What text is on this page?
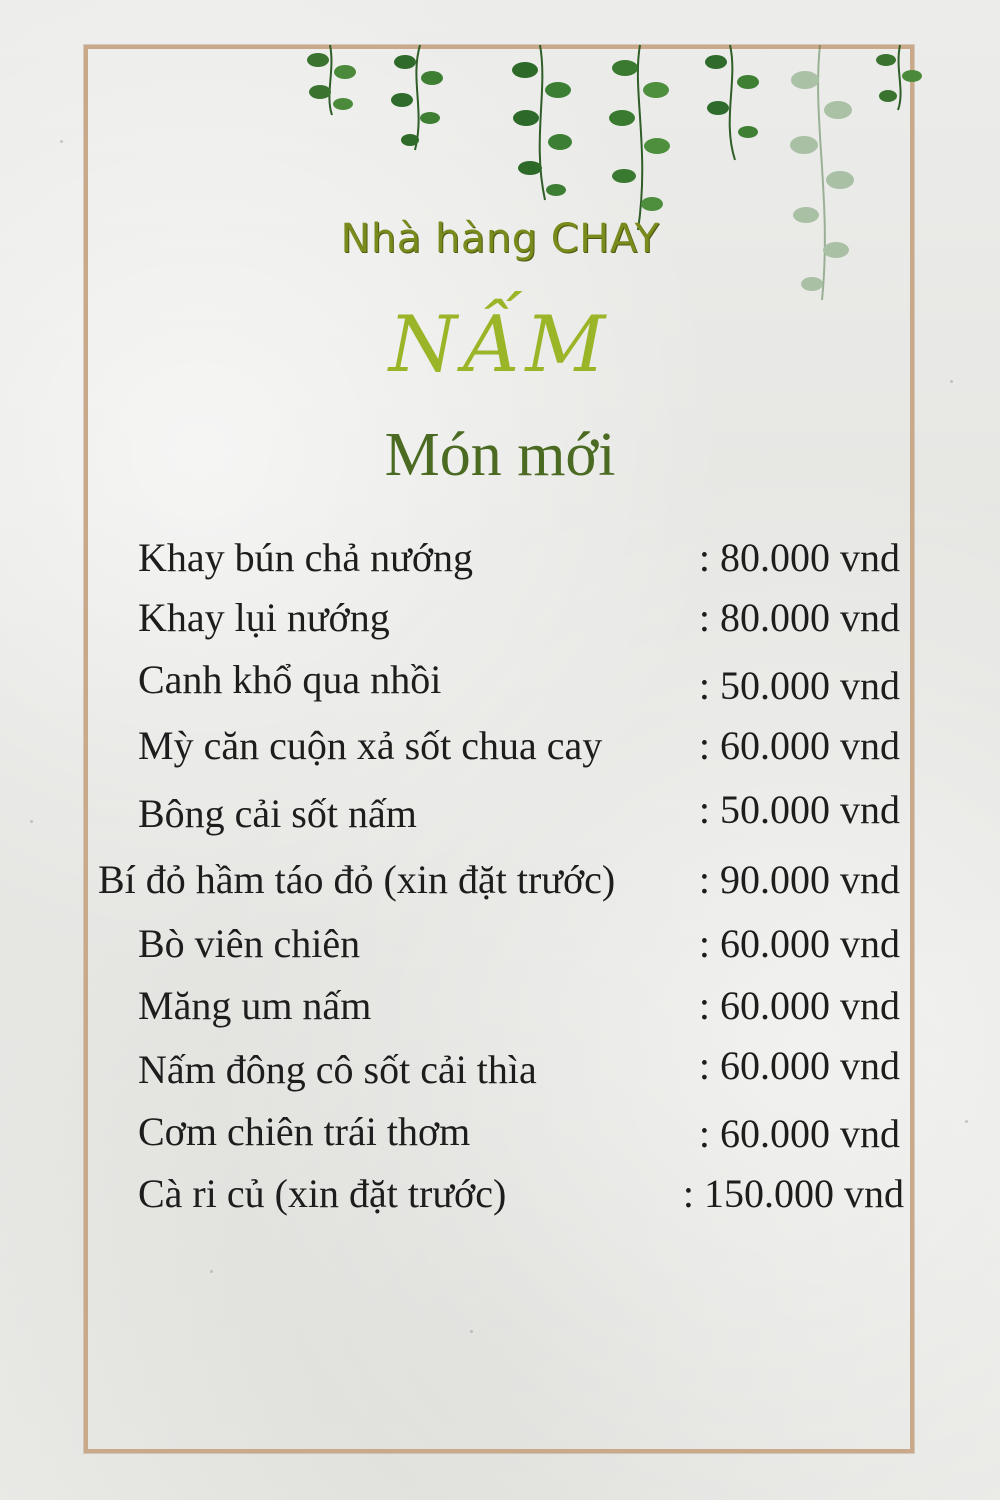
Nhà hàng CHAY
NẤM
Món mới
Khay bún chả nướng	: 80.000 vnd
Khay lụi nướng	: 80.000 vnd
Canh khổ qua nhồi	: 50.000 vnd
Mỳ căn cuộn xả sốt chua cay : 60.000 vnd
Bông cải sốt nấm	: 50.000 vnd
Bí đỏ hầm táo đỏ (xin đặt trước) : 90.000 vnd
Bò viên chiên	: 60.000 vnd
Măng um nấm	: 60.000 vnd
Nấm đông cô sốt cải thìa	: 60.000 vnd
Cơm chiên trái thơm	: 60.000 vnd
Cà ri củ (xin đặt trước)	: 150.000 vnd
